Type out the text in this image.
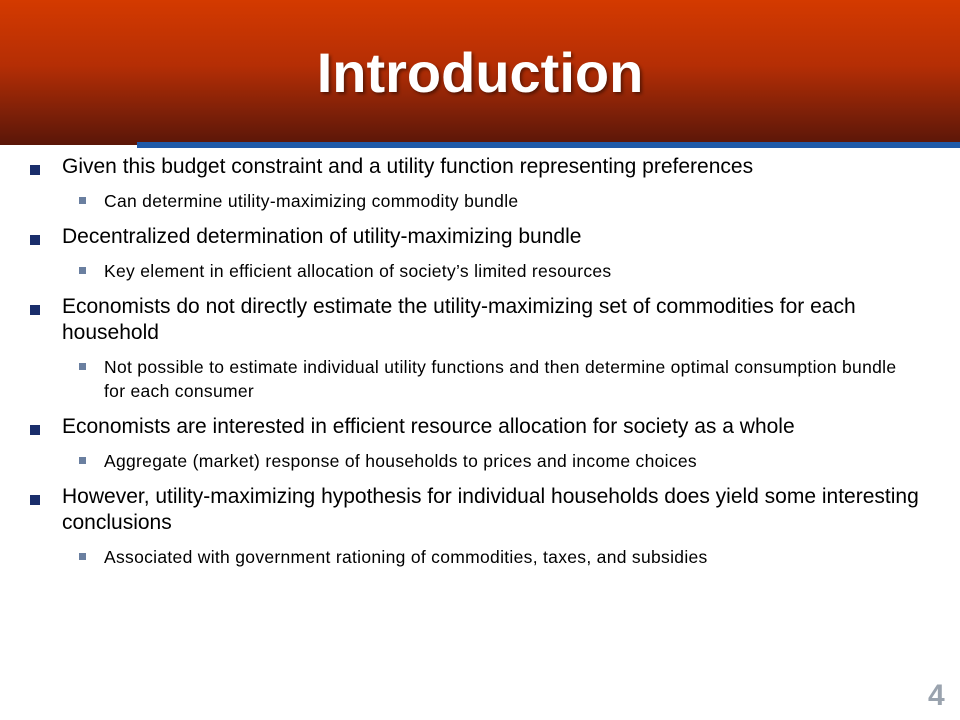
Introduction

Given this budget constraint and a utility function representing preferences

Can determine utility-maximizing commodity bundle

Decentralized determination of utility-maximizing bundle

Key element in efficient allocation of society’s limited resources

Economists do not directly estimate the utility-maximizing set of commodities for each household

Not possible to estimate individual utility functions and then determine optimal consumption bundle for each consumer

Economists are interested in efficient resource allocation for society as a whole

Aggregate (market) response of households to prices and income choices

However, utility-maximizing hypothesis for individual households does yield some interesting conclusions

Associated with government rationing of commodities, taxes, and subsidies

4
